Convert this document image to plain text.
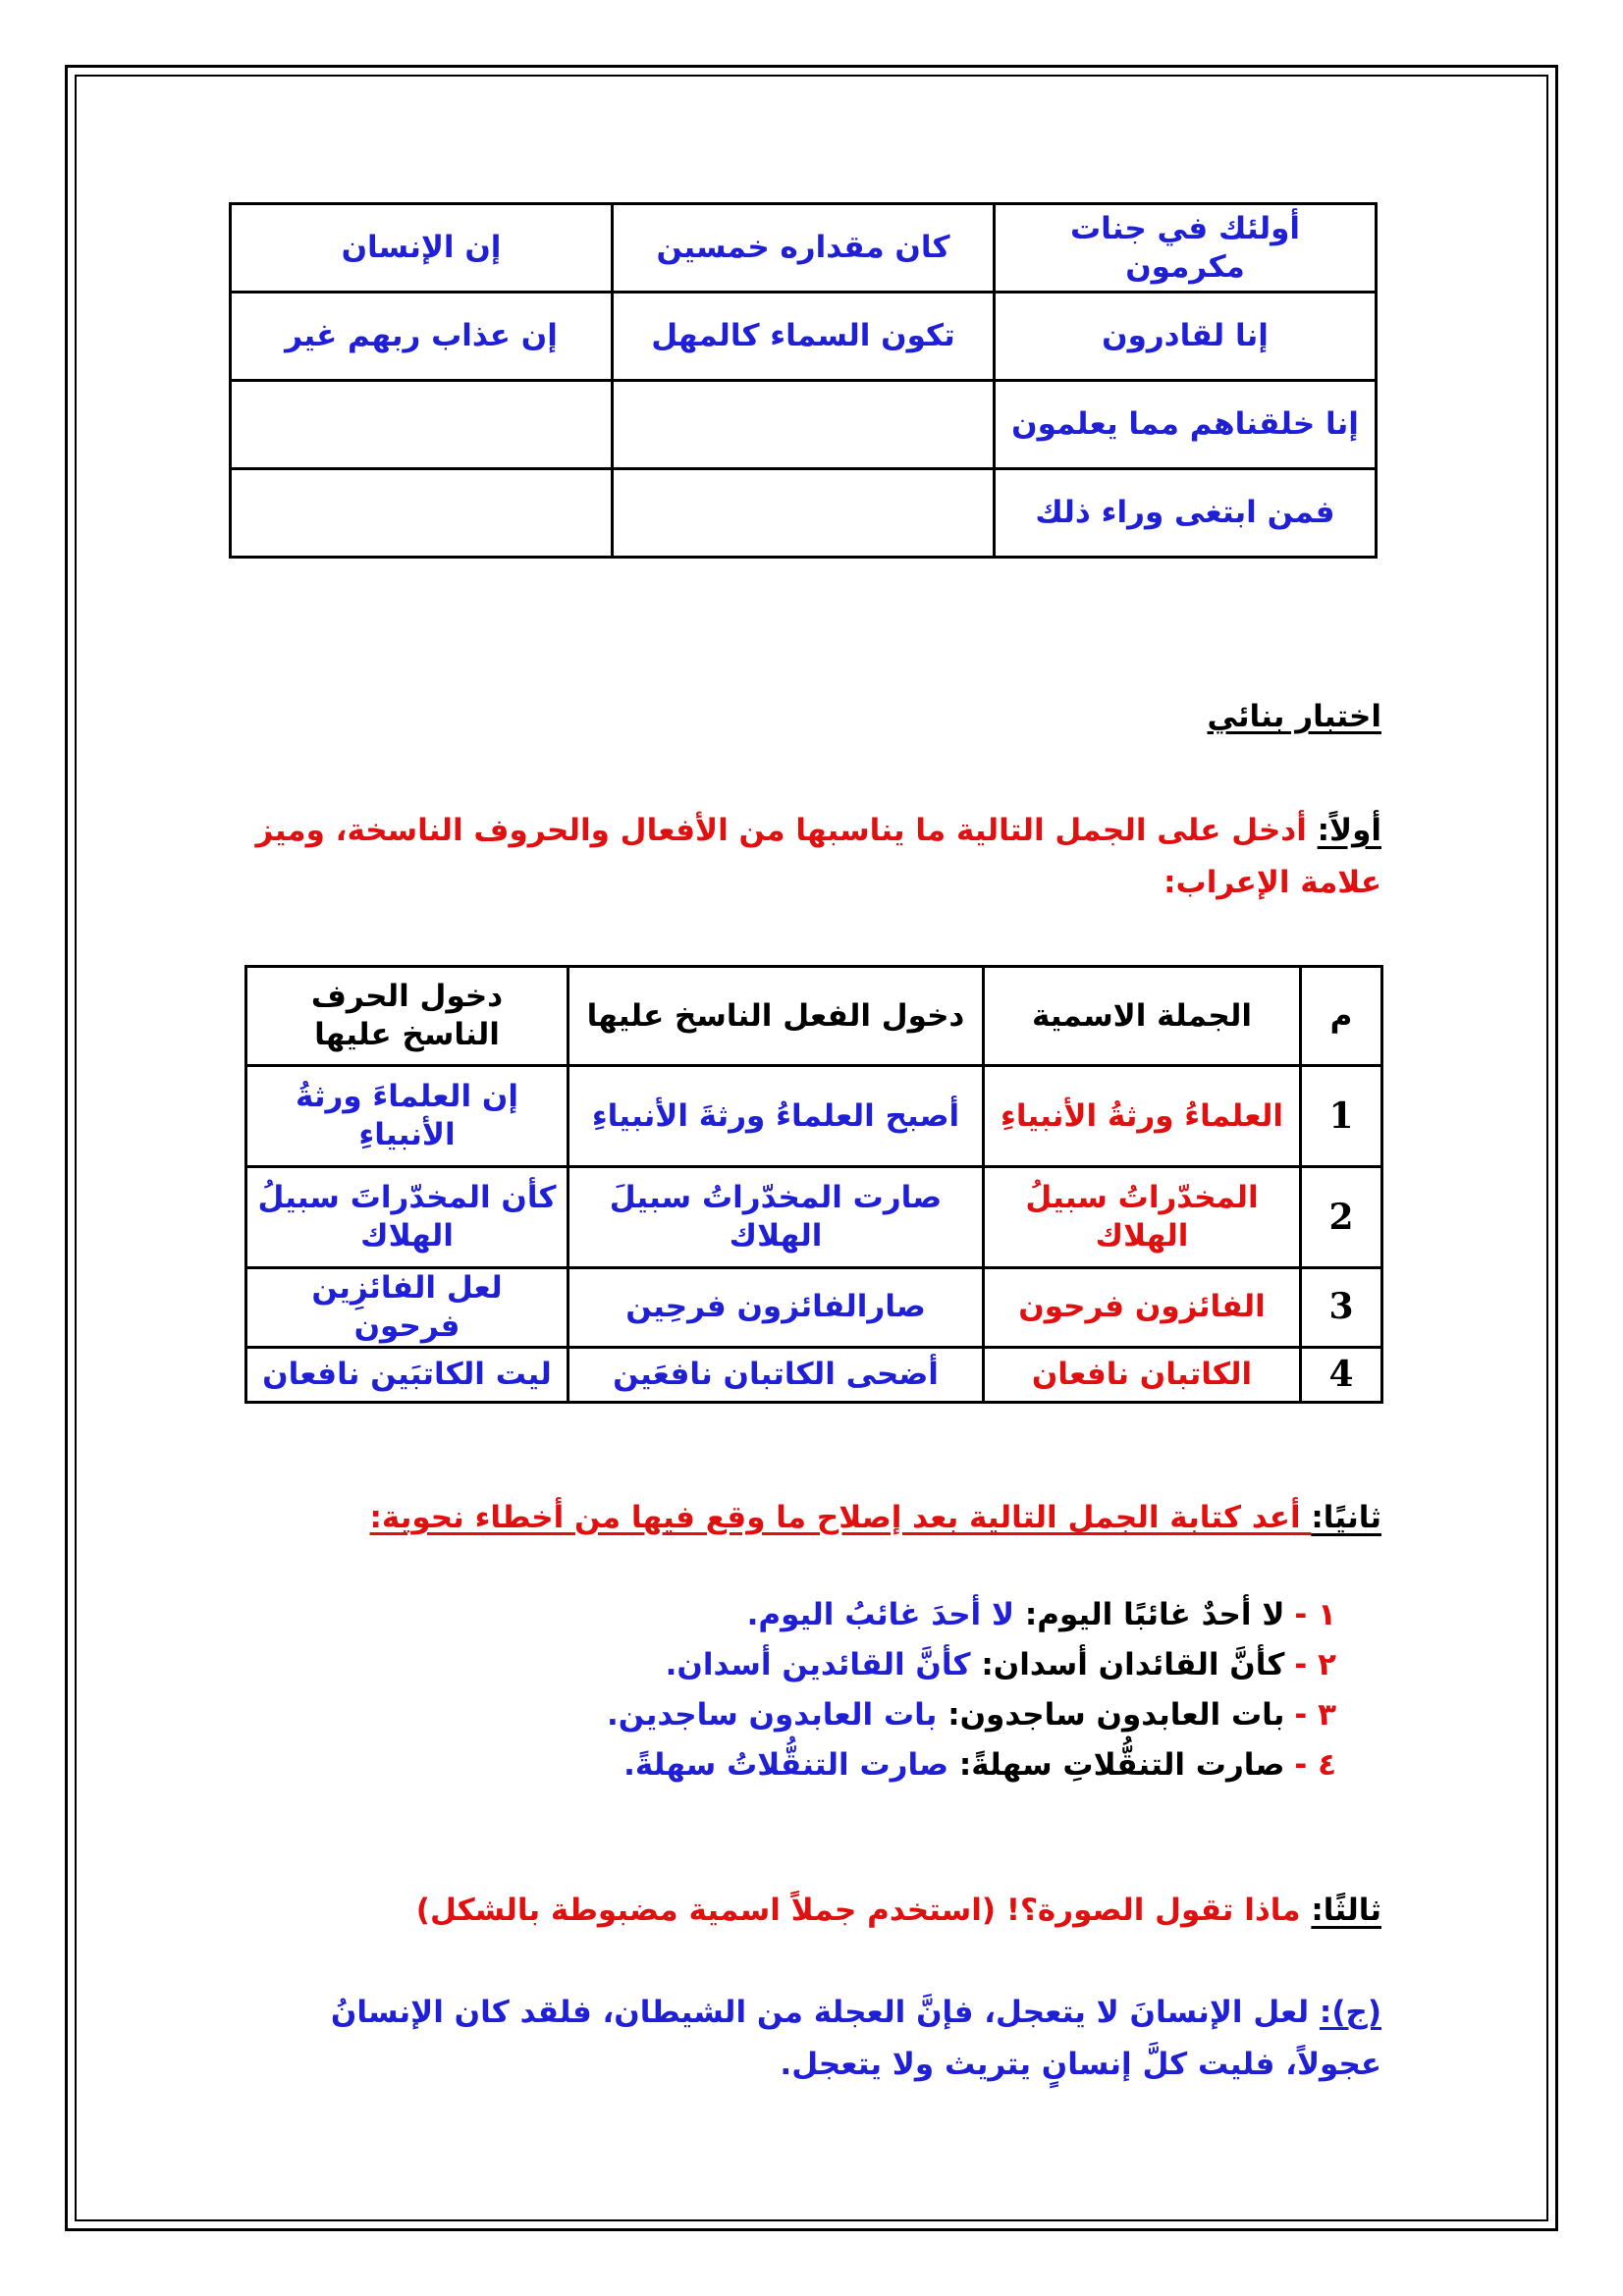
أولئك في جنات مكرمون	كان مقداره خمسين	إن الإنسان
إنا لقادرون	تكون السماء كالمهل	إن عذاب ربهم غير
إنا خلقناهم مما يعلمون		
فمن ابتغى وراء ذلك		
اختبار بنائي
أولاً: أدخل على الجمل التالية ما يناسبها من الأفعال والحروف الناسخة، وميز علامة الإعراب:
م	الجملة الاسمية	دخول الفعل الناسخ عليها	دخول الحرف الناسخ عليها
1	العلماءُ ورثةُ الأنبياءِ	أصبح العلماءُ ورثةَ الأنبياءِ	إن العلماءَ ورثةُ الأنبياءِ
2	المخدّراتُ سبيلُ الهلاك	صارت المخدّراتُ سبيلَ الهلاك	كأن المخدّراتَ سبيلُ الهلاك
3	الفائزون فرحون	صارالفائزون فرحِين	لعل الفائزِين فرحون
4	الكاتبان نافعان	أضحى الكاتبان نافعَين	ليت الكاتبَين نافعان
ثانيًا: أعد كتابة الجمل التالية بعد إصلاح ما وقع فيها من أخطاء نحوية:
١ -لا أحدٌ غائبًا اليوم: لا أحدَ غائبُ اليوم.
٢ -كأنَّ القائدان أسدان: كأنَّ القائدين أسدان.
٣ -بات العابدون ساجدون: بات العابدون ساجدين.
٤ -صارت التنقُّلاتِ سهلةً: صارت التنقُّلاتُ سهلةً.
ثالثًا: ماذا تقول الصورة؟! (استخدم جملاً اسمية مضبوطة بالشكل)
(ج): لعل الإنسانَ لا يتعجل، فإنَّ العجلة من الشيطان، فلقد كان الإنسانُ عجولاً، فليت كلَّ إنسانٍ يتريث ولا يتعجل.
